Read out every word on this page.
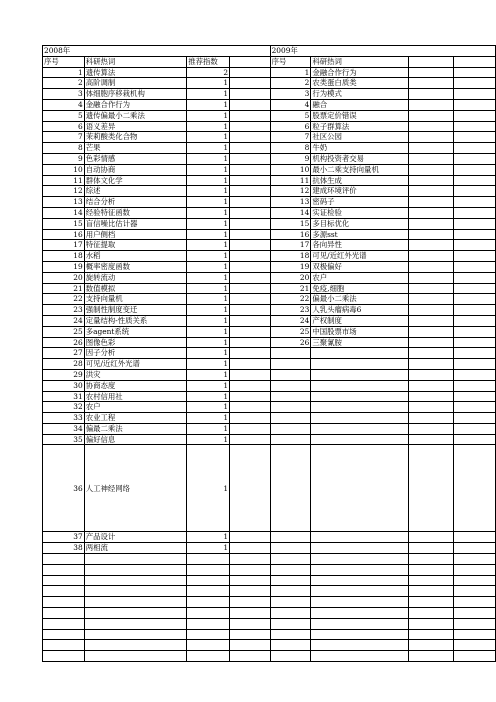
2008年				2009年			
序号	科研热词	推荐指数		序号	科研热词		
1	遗传算法	2		1	金融合作行为		
2	高阶调制	1		2	农类蛋白质类		
3	体细胞序移栽机构	1		3	行为模式		
4	金融合作行为	1		4	融合		
5	遗传偏最小二乘法	1		5	股票定价错误		
6	语义差异	1		6	粒子群算法		
7	茉莉酸类化合物	1		7	社区公园		
8	芒果	1		8	牛奶		
9	色彩情感	1		9	机构投资者交易		
10	自动协商	1		10	最小二乘支持向量机		
11	群体文化学	1		11	抗体生成		
12	综述	1		12	建成环境评价		
13	结合分析	1		13	密码子		
14	经验特征函数	1		14	实证检验		
15	盲信噪比估计器	1		15	多目标优化		
16	用户侧档	1		16	多源sst		
17	特征提取	1		17	各向异性		
18	水稻	1		18	可见/近红外光谱		
19	概率密度函数	1		19	双极偏好		
20	旋转流动	1		20	农户		
21	数值模拟	1		21	免疫,细胞		
22	支持向量机	1		22	偏最小二乘法		
23	强制性制度变迁	1		23	人乳头瘤病毒6		
24	定量结构-性质关系	1		24	产权制度		
25	多agent系统	1		25	中国股票市场		
26	图像色彩	1		26	三聚氰胺		
27	因子分析	1					
28	可见/近红外光谱	1					
29	洪灾	1					
30	协商态度	1					
31	农村信用社	1					
32	农户	1					
33	农业工程	1					
34	偏最二乘法	1					
35	偏好信息	1					
36	人工神经网络	1					
37	产品设计	1					
38	两相流	1					
